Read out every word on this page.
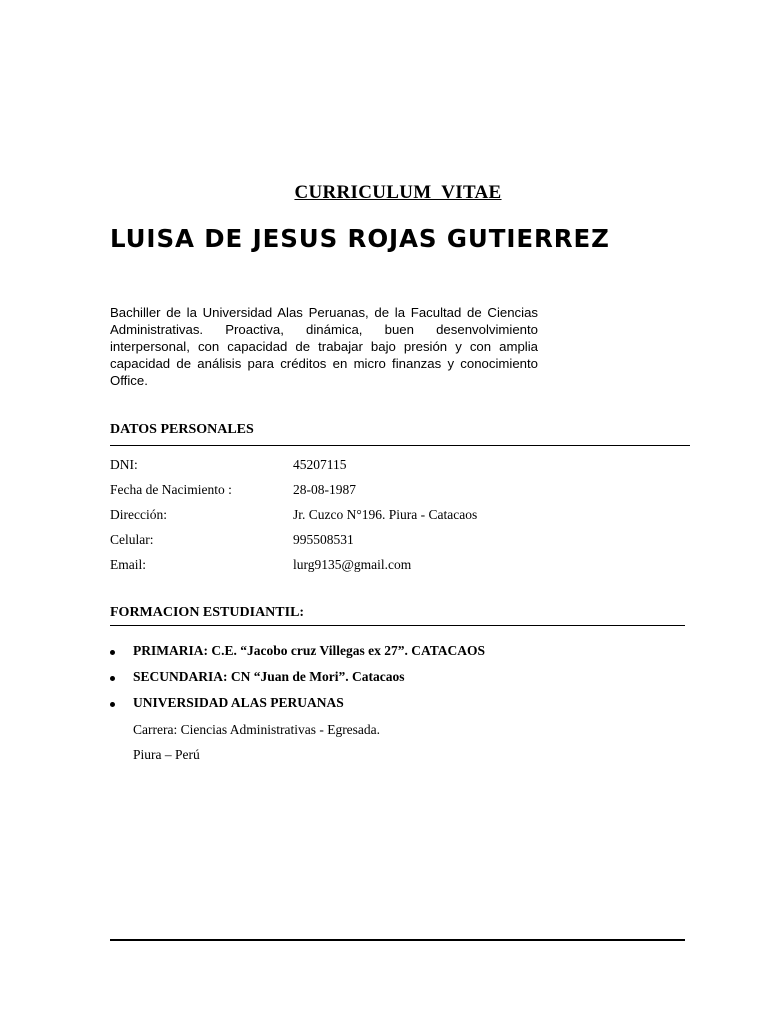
CURRICULUM  VITAE
LUISA DE JESUS ROJAS GUTIERREZ

Bachiller de la Universidad Alas Peruanas, de la Facultad de Ciencias Administrativas. Proactiva, dinámica, buen desenvolvimiento interpersonal, con capacidad de trabajar bajo presión y con amplia capacidad de análisis para créditos en micro finanzas y conocimiento Office.

DATOS PERSONALES
DNI:	45207115
Fecha de Nacimiento :	28-08-1987
Dirección:	Jr. Cuzco N°196. Piura - Catacaos
Celular:	995508531
Email:	lurg9135@gmail.com
FORMACION ESTUDIANTIL:
PRIMARIA: C.E. “Jacobo cruz Villegas ex 27”. CATACAOS
SECUNDARIA: CN “Juan de Mori”. Catacaos
UNIVERSIDAD ALAS PERUANAS
Carrera: Ciencias Administrativas - Egresada.
Piura – Perú
